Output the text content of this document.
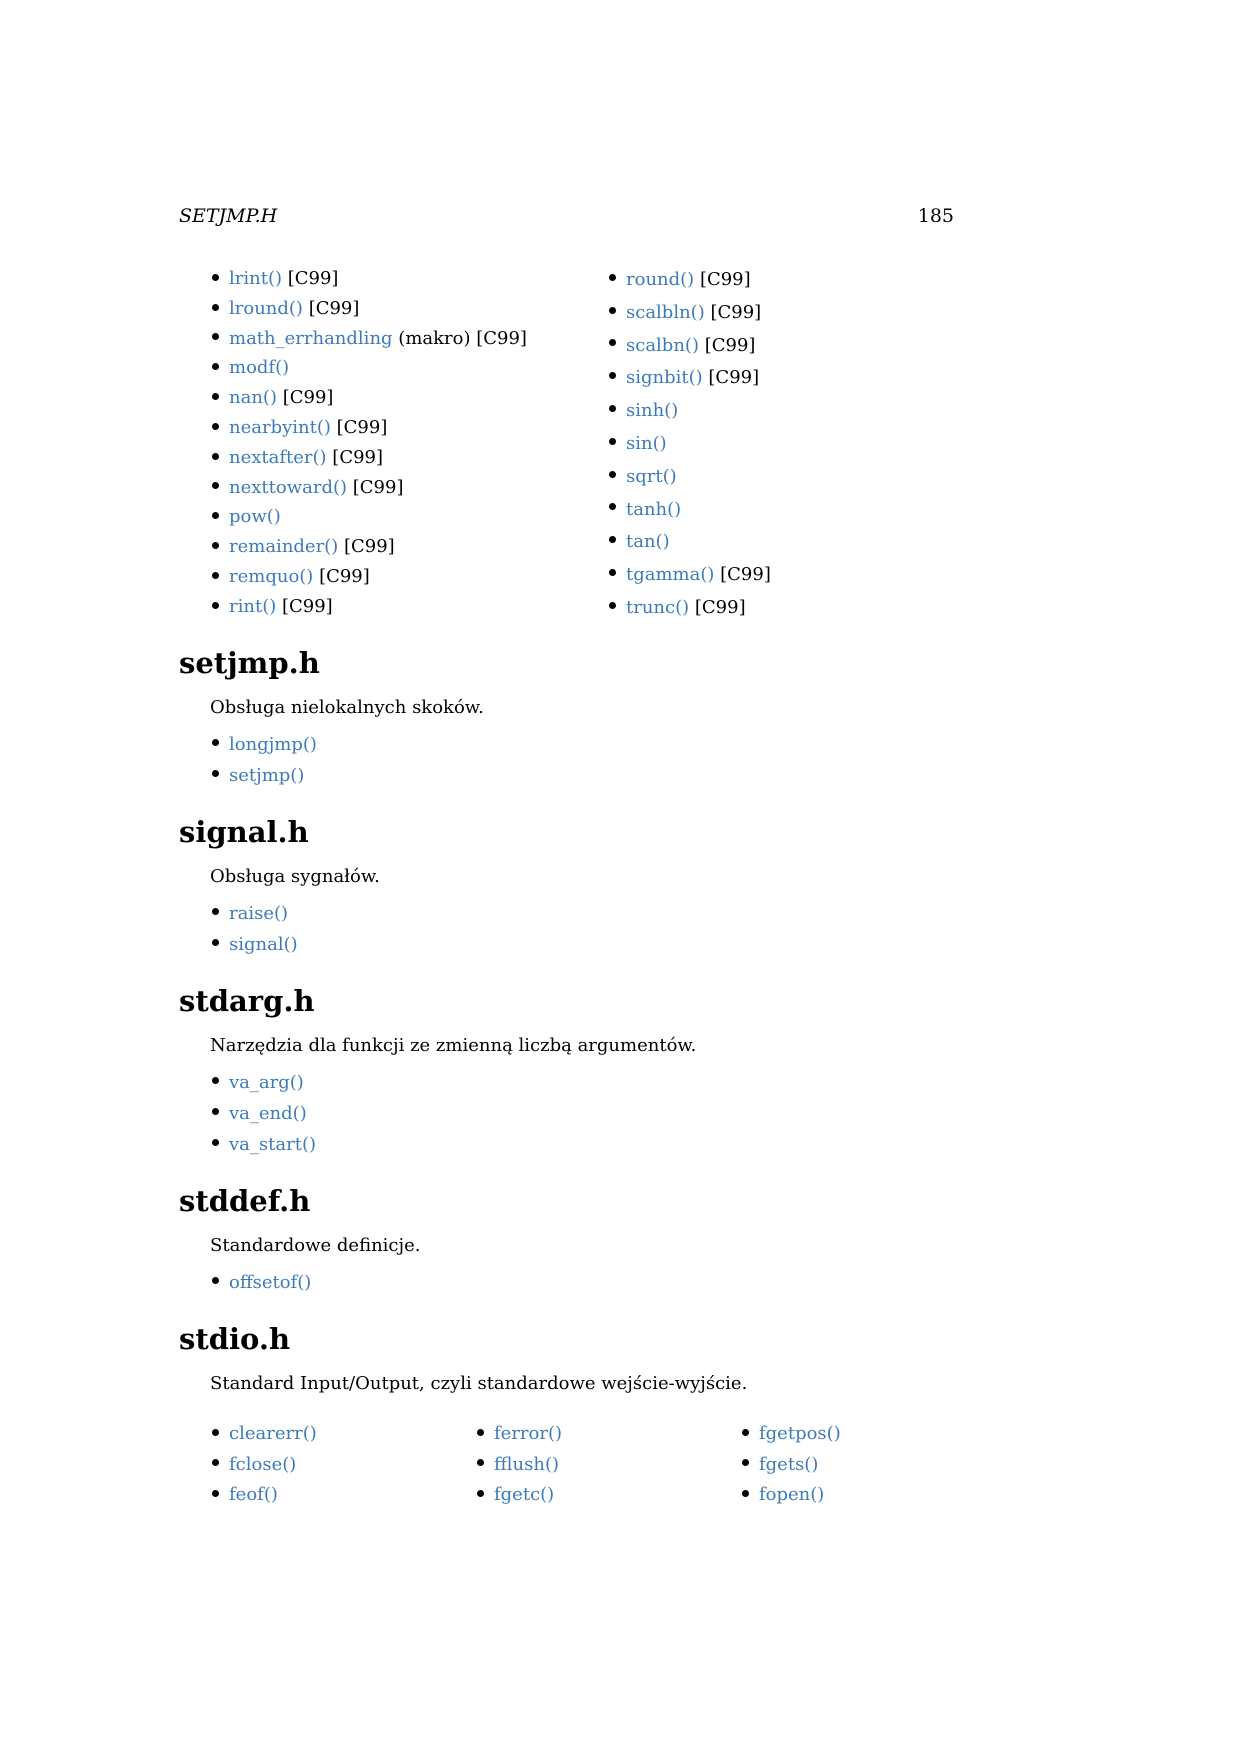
SETJMP.H	185
lrint() [C99]
lround() [C99]
math_errhandling (makro) [C99]
modf()
nan() [C99]
nearbyint() [C99]
nextafter() [C99]
nexttoward() [C99]
pow()
remainder() [C99]
remquo() [C99]
rint() [C99]
round() [C99]
scalbln() [C99]
scalbn() [C99]
signbit() [C99]
sinh()
sin()
sqrt()
tanh()
tan()
tgamma() [C99]
trunc() [C99]
setjmp.h

Obsługa nielokalnych skoków.

longjmp()
setjmp()
signal.h

Obsługa sygnałów.

raise()
signal()
stdarg.h

Narzędzia dla funkcji ze zmienną liczbą argumentów.

va_arg()
va_end()
va_start()
stddef.h

Standardowe definicje.

offsetof()
stdio.h

Standard Input/Output, czyli standardowe wejście-wyjście.

clearerr()
fclose()
feof()
ferror()
fflush()
fgetc()
fgetpos()
fgets()
fopen()
